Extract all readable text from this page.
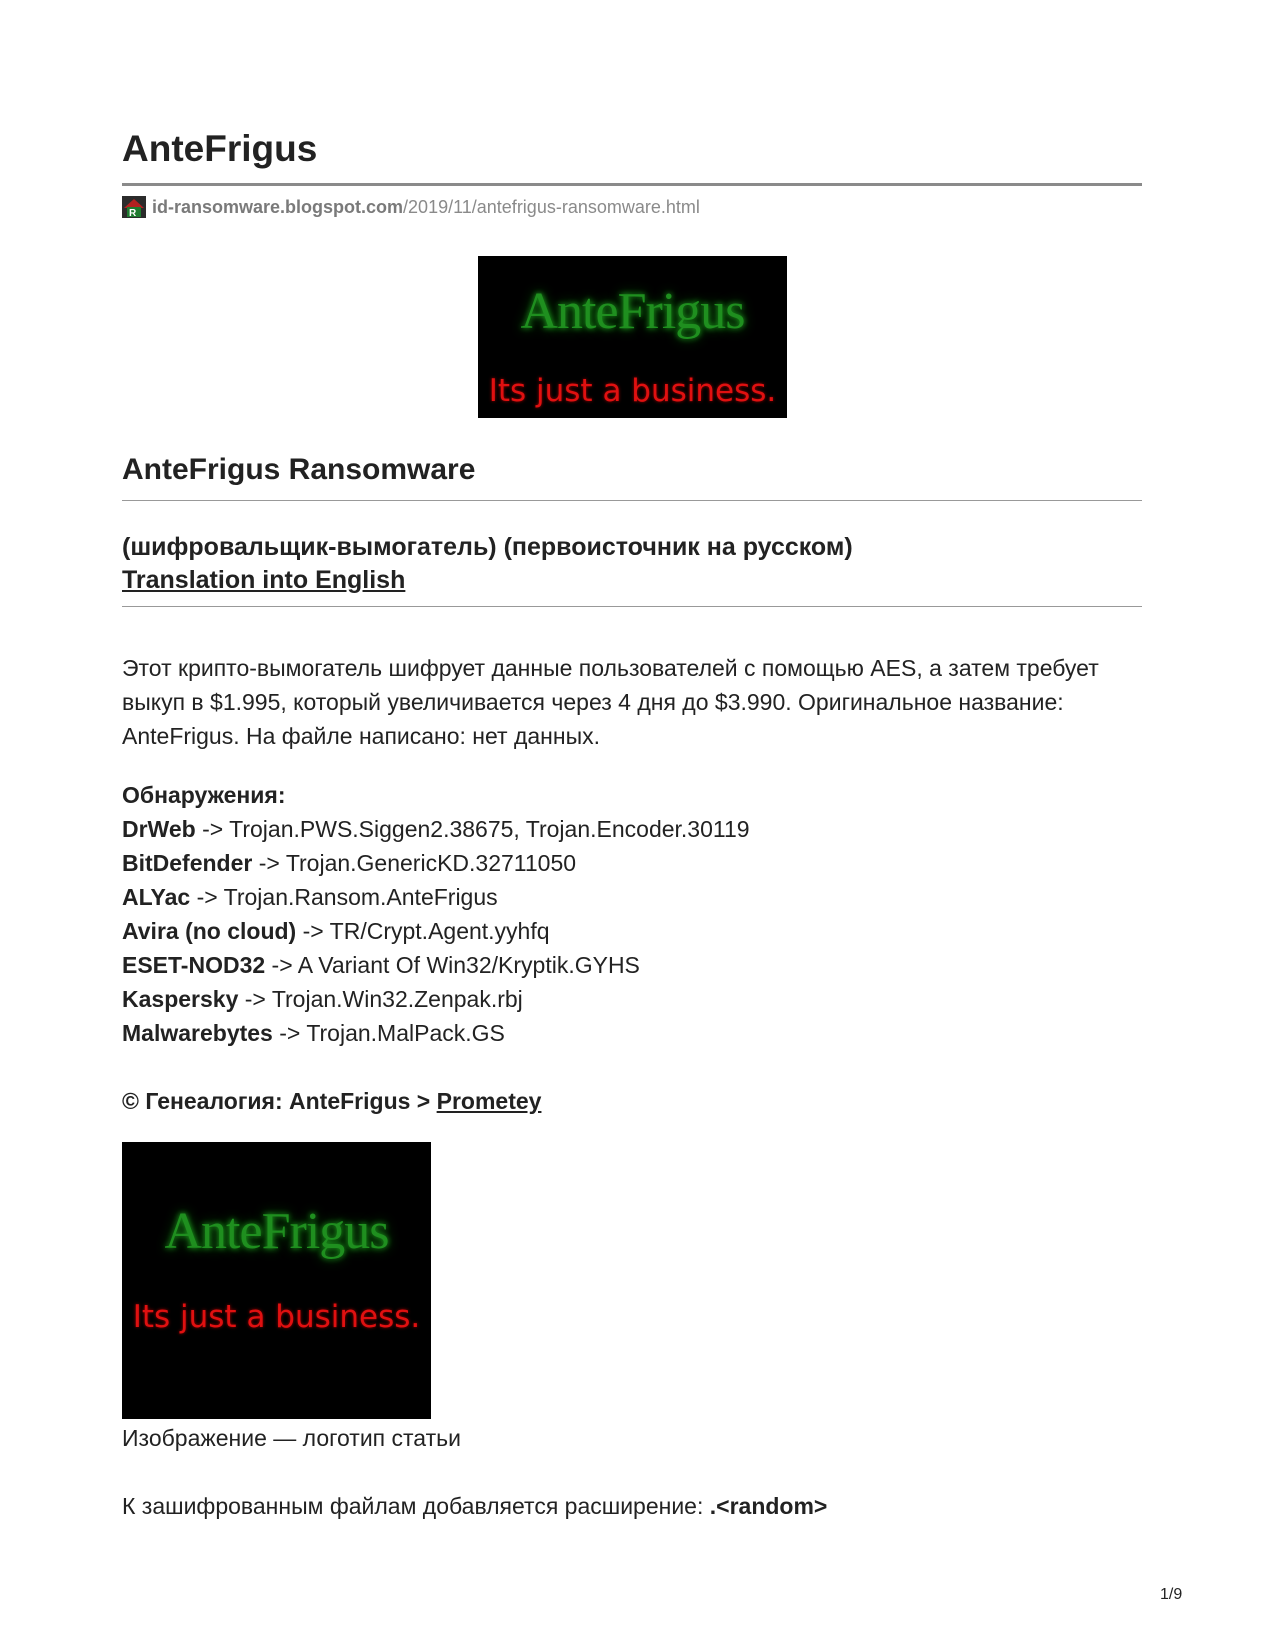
AnteFrigus
R id-ransomware.blogspot.com /2019/11/antefrigus-ransomware.html
AnteFrigus
Its just a business.
AnteFrigus Ransomware
(шифровальщик-вымогатель) (первоисточник на русском)
Translation into English

Этот крипто-вымогатель шифрует данные пользователей с помощью AES, а затем требует выкуп в $1.995, который увеличивается через 4 дня до $3.990. Оригинальное название: AnteFrigus. На файле написано: нет данных.

Обнаружения:
DrWeb -> Trojan.PWS.Siggen2.38675, Trojan.Encoder.30119
BitDefender -> Trojan.GenericKD.32711050
ALYac -> Trojan.Ransom.AnteFrigus
Avira (no cloud) -> TR/Crypt.Agent.yyhfq
ESET-NOD32 -> A Variant Of Win32/Kryptik.GYHS
Kaspersky -> Trojan.Win32.Zenpak.rbj
Malwarebytes -> Trojan.MalPack.GS
© Генеалогия: AnteFrigus > Prometey
AnteFrigus
Its just a business.
Изображение — логотип статьи
К зашифрованным файлам добавляется расширение: .<random>
1/9
